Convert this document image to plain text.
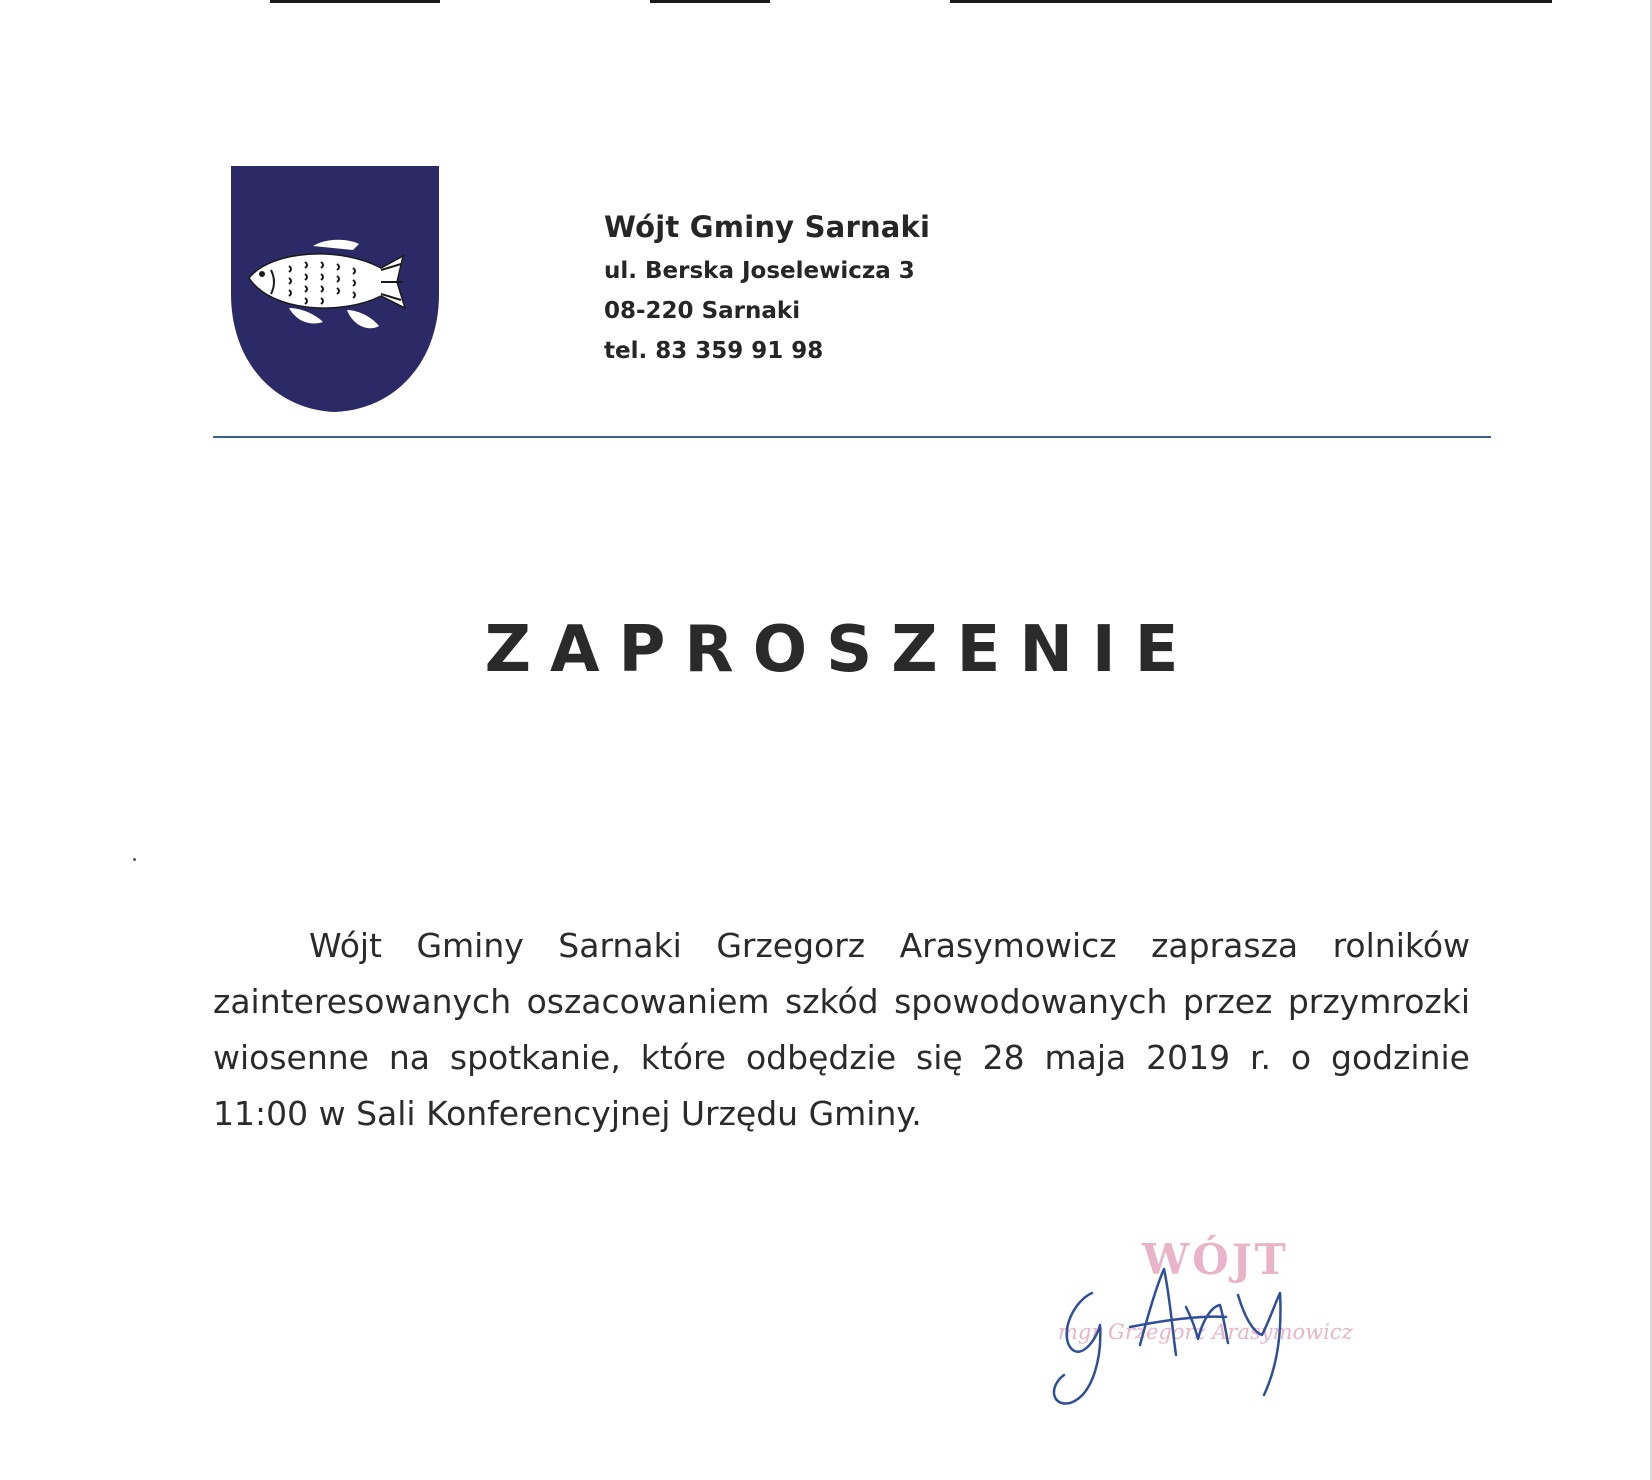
Wójt Gminy Sarnaki
ul. Berska Joselewicza 3
08-220 Sarnaki
tel. 83 359 91 98
ZAPROSZENIE

Wójt Gminy Sarnaki Grzegorz Arasymowicz zaprasza rolników zainteresowanych oszacowaniem szkód spowodowanych przez przymrozki wiosenne na spotkanie, które odbędzie się 28 maja 2019 r. o godzinie 11:00 w Sali Konferencyjnej Urzędu Gminy.

WÓJT
mgr Grzegorz Arasymowicz
